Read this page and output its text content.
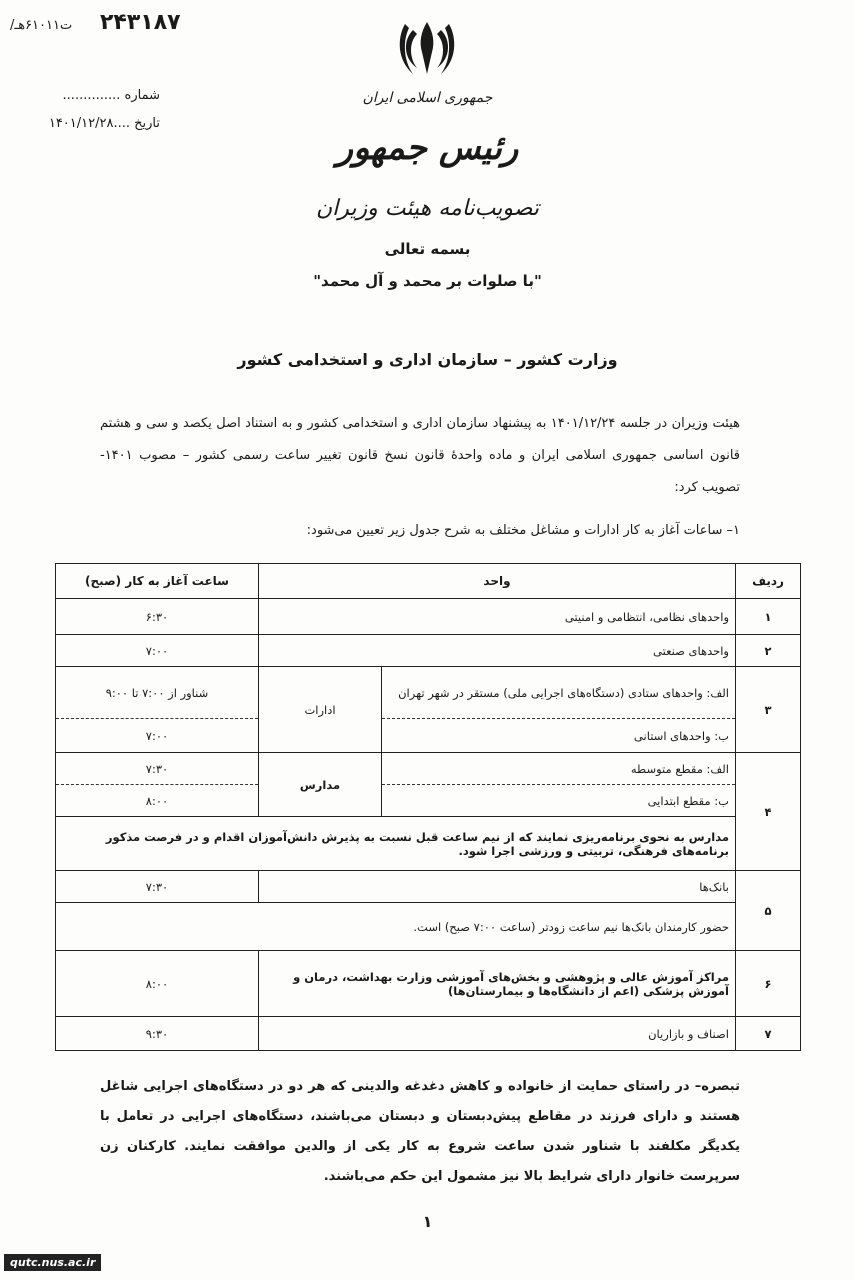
۲۴۳۱۸۷
/ت۶۱۰۱۱هـ
شماره ..............
تاریخ ....۱۴۰۱/۱۲/۲۸
جمهوری اسلامی ایران
رئیس جمهور
تصویب‌نامه هیئت وزیران
بسمه تعالی
"با صلوات بر محمد و آل محمد"
وزارت کشور – سازمان اداری و استخدامی کشور
هیئت وزیران در جلسه ۱۴۰۱/۱۲/۲۴ به پیشنهاد سازمان اداری و استخدامی کشور و به استناد اصل یکصد و سی و هشتم قانون اساسی جمهوری اسلامی ایران و ماده واحدهٔ قانون نسخ قانون تغییر ساعت رسمی کشور – مصوب ۱۴۰۱- تصویب کرد:
۱– ساعات آغاز به کار ادارات و مشاغل مختلف به شرح جدول زیر تعیین می‌شود:
ردیف	واحد		ساعت آغاز به کار (صبح)
۱	واحدهای نظامی، انتظامی و امنیتی		۶:۳۰
۲	واحدهای صنعتی		۷:۰۰
۳	الف: واحدهای ستادی (دستگاه‌های اجرایی ملی) مستقر در شهر تهران	ادارات	شناور از ۷:۰۰ تا ۹:۰۰
	ب: واحدهای استانی		۷:۰۰
۴	الف: مقطع متوسطه	مدارس	۷:۳۰
	ب: مقطع ابتدایی		۸:۰۰
	مدارس به نحوی برنامه‌ریزی نمایند که از نیم ساعت قبل نسبت به پذیرش دانش‌آموزان اقدام و در فرصت مذکور برنامه‌های فرهنگی، تربیتی و ورزشی اجرا شود.		
۵	بانک‌ها		۷:۳۰
	حضور کارمندان بانک‌ها نیم ساعت زودتر (ساعت ۷:۰۰ صبح) است.		
۶	مراکز آموزش عالی و پژوهشی و بخش‌های آموزشی وزارت بهداشت، درمان و آموزش پزشکی (اعم از دانشگاه‌ها و بیمارستان‌ها)		۸:۰۰
۷	اصناف و بازاریان		۹:۳۰
تبصره– در راستای حمایت از خانواده و کاهش دغدغه والدینی که هر دو در دستگاه‌های اجرایی شاغل هستند و دارای فرزند در مقاطع پیش‌دبستان و دبستان می‌باشند، دستگاه‌های اجرایی در تعامل با یکدیگر مکلفند با شناور شدن ساعت شروع به کار یکی از والدین موافقت نمایند. کارکنان زن سرپرست خانوار دارای شرایط بالا نیز مشمول این حکم می‌باشند.
۱
qutc.nus.ac.ir
